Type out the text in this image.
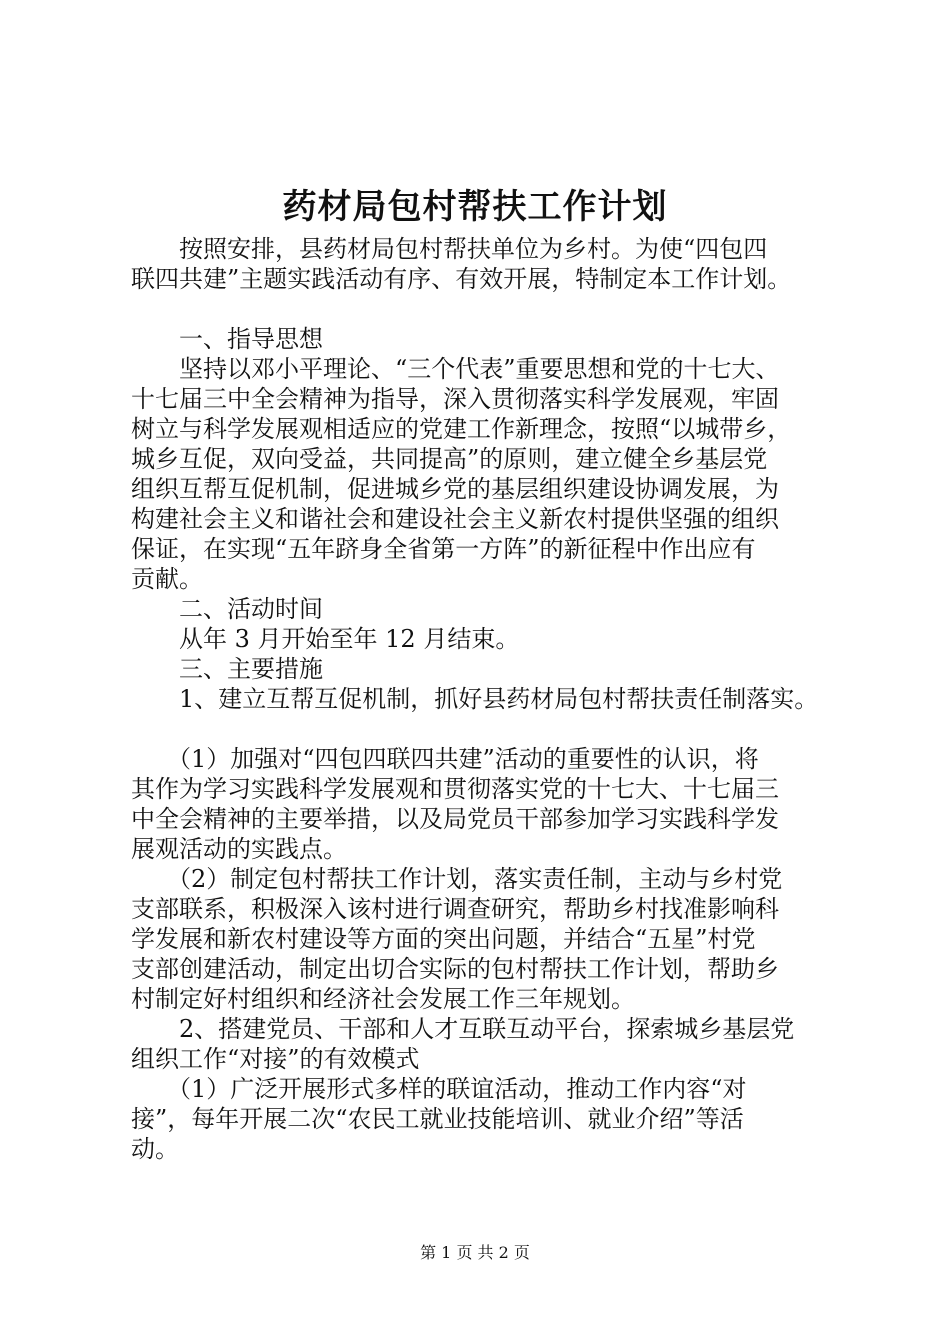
药材局包村帮扶工作计划

　　按照安排，县药材局包村帮扶单位为乡村。为使“四包四

联四共建”主题实践活动有序、有效开展，特制定本工作计划。

　　一、指导思想

　　坚持以邓小平理论、“三个代表”重要思想和党的十七大、

十七届三中全会精神为指导，深入贯彻落实科学发展观，牢固

树立与科学发展观相适应的党建工作新理念，按照“以城带乡，

城乡互促，双向受益，共同提高”的原则，建立健全乡基层党

组织互帮互促机制，促进城乡党的基层组织建设协调发展，为

构建社会主义和谐社会和建设社会主义新农村提供坚强的组织

保证，在实现“五年跻身全省第一方阵”的新征程中作出应有

贡献。

　　二、活动时间

　　从年 3 月开始至年 12 月结束。

　　三、主要措施

　　1、建立互帮互促机制，抓好县药材局包村帮扶责任制落实。

　　（1）加强对“四包四联四共建”活动的重要性的认识，将

其作为学习实践科学发展观和贯彻落实党的十七大、十七届三

中全会精神的主要举措，以及局党员干部参加学习实践科学发

展观活动的实践点。

　　（2）制定包村帮扶工作计划，落实责任制，主动与乡村党

支部联系，积极深入该村进行调查研究，帮助乡村找准影响科

学发展和新农村建设等方面的突出问题，并结合“五星”村党

支部创建活动，制定出切合实际的包村帮扶工作计划，帮助乡

村制定好村组织和经济社会发展工作三年规划。

　　2、搭建党员、干部和人才互联互动平台，探索城乡基层党

组织工作“对接”的有效模式

　　（1）广泛开展形式多样的联谊活动，推动工作内容“对

接”，每年开展二次“农民工就业技能培训、就业介绍”等活

动。

第 1 页 共 2 页
